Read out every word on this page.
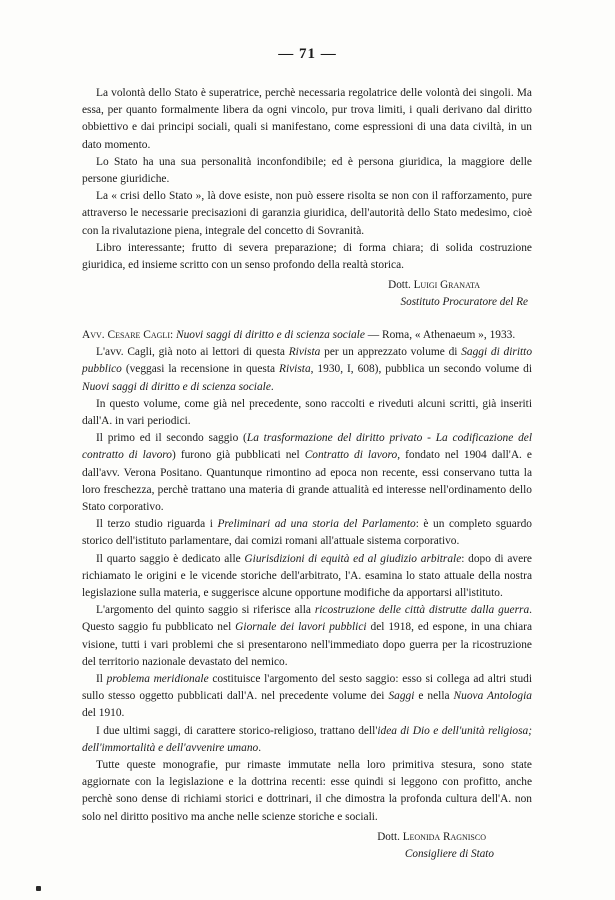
— 71 —

La volontà dello Stato è superatrice, perchè necessaria regolatrice delle volontà dei singoli. Ma essa, per quanto formalmente libera da ogni vincolo, pur trova limiti, i quali derivano dal diritto obbiettivo e dai principi sociali, quali si manifestano, come espressioni di una data civiltà, in un dato momento.

Lo Stato ha una sua personalità inconfondibile; ed è persona giuridica, la maggiore delle persone giuridiche.

La « crisi dello Stato », là dove esiste, non può essere risolta se non con il rafforzamento, pure attraverso le necessarie precisazioni di garanzia giuridica, dell'autorità dello Stato medesimo, cioè con la rivalutazione piena, integrale del concetto di Sovranità.

Libro interessante; frutto di severa preparazione; di forma chiara; di solida costruzione giuridica, ed insieme scritto con un senso profondo della realtà storica.

Dott. Luigi Granata
Sostituto Procuratore del Re

Avv. Cesare Cagli: Nuovi saggi di diritto e di scienza sociale — Roma, « Athenaeum », 1933.

L'avv. Cagli, già noto ai lettori di questa Rivista per un apprezzato volume di Saggi di diritto pubblico (veggasi la recensione in questa Rivista, 1930, I, 608), pubblica un secondo volume di Nuovi saggi di diritto e di scienza sociale.

In questo volume, come già nel precedente, sono raccolti e riveduti alcuni scritti, già inseriti dall'A. in vari periodici.

Il primo ed il secondo saggio (La trasformazione del diritto privato - La codificazione del contratto di lavoro) furono già pubblicati nel Contratto di lavoro, fondato nel 1904 dall'A. e dall'avv. Verona Positano. Quantunque rimontino ad epoca non recente, essi conservano tutta la loro freschezza, perchè trattano una materia di grande attualità ed interesse nell'ordinamento dello Stato corporativo.

Il terzo studio riguarda i Preliminari ad una storia del Parlamento: è un completo sguardo storico dell'istituto parlamentare, dai comizi romani all'attuale sistema corporativo.

Il quarto saggio è dedicato alle Giurisdizioni di equità ed al giudizio arbitrale: dopo di avere richiamato le origini e le vicende storiche dell'arbitrato, l'A. esamina lo stato attuale della nostra legislazione sulla materia, e suggerisce alcune opportune modifiche da apportarsi all'istituto.

L'argomento del quinto saggio si riferisce alla ricostruzione delle città distrutte dalla guerra. Questo saggio fu pubblicato nel Giornale dei lavori pubblici del 1918, ed espone, in una chiara visione, tutti i vari problemi che si presentarono nell'immediato dopo guerra per la ricostruzione del territorio nazionale devastato del nemico.

Il problema meridionale costituisce l'argomento del sesto saggio: esso si collega ad altri studi sullo stesso oggetto pubblicati dall'A. nel precedente volume dei Saggi e nella Nuova Antologia del 1910.

I due ultimi saggi, di carattere storico-religioso, trattano dell'idea di Dio e dell'unità religiosa; dell'immortalità e dell'avvenire umano.

Tutte queste monografie, pur rimaste immutate nella loro primitiva stesura, sono state aggiornate con la legislazione e la dottrina recenti: esse quindi si leggono con profitto, anche perchè sono dense di richiami storici e dottrinari, il che dimostra la profonda cultura dell'A. non solo nel diritto positivo ma anche nelle scienze storiche e sociali.

Dott. Leonida Ragnisco
Consigliere di Stato
